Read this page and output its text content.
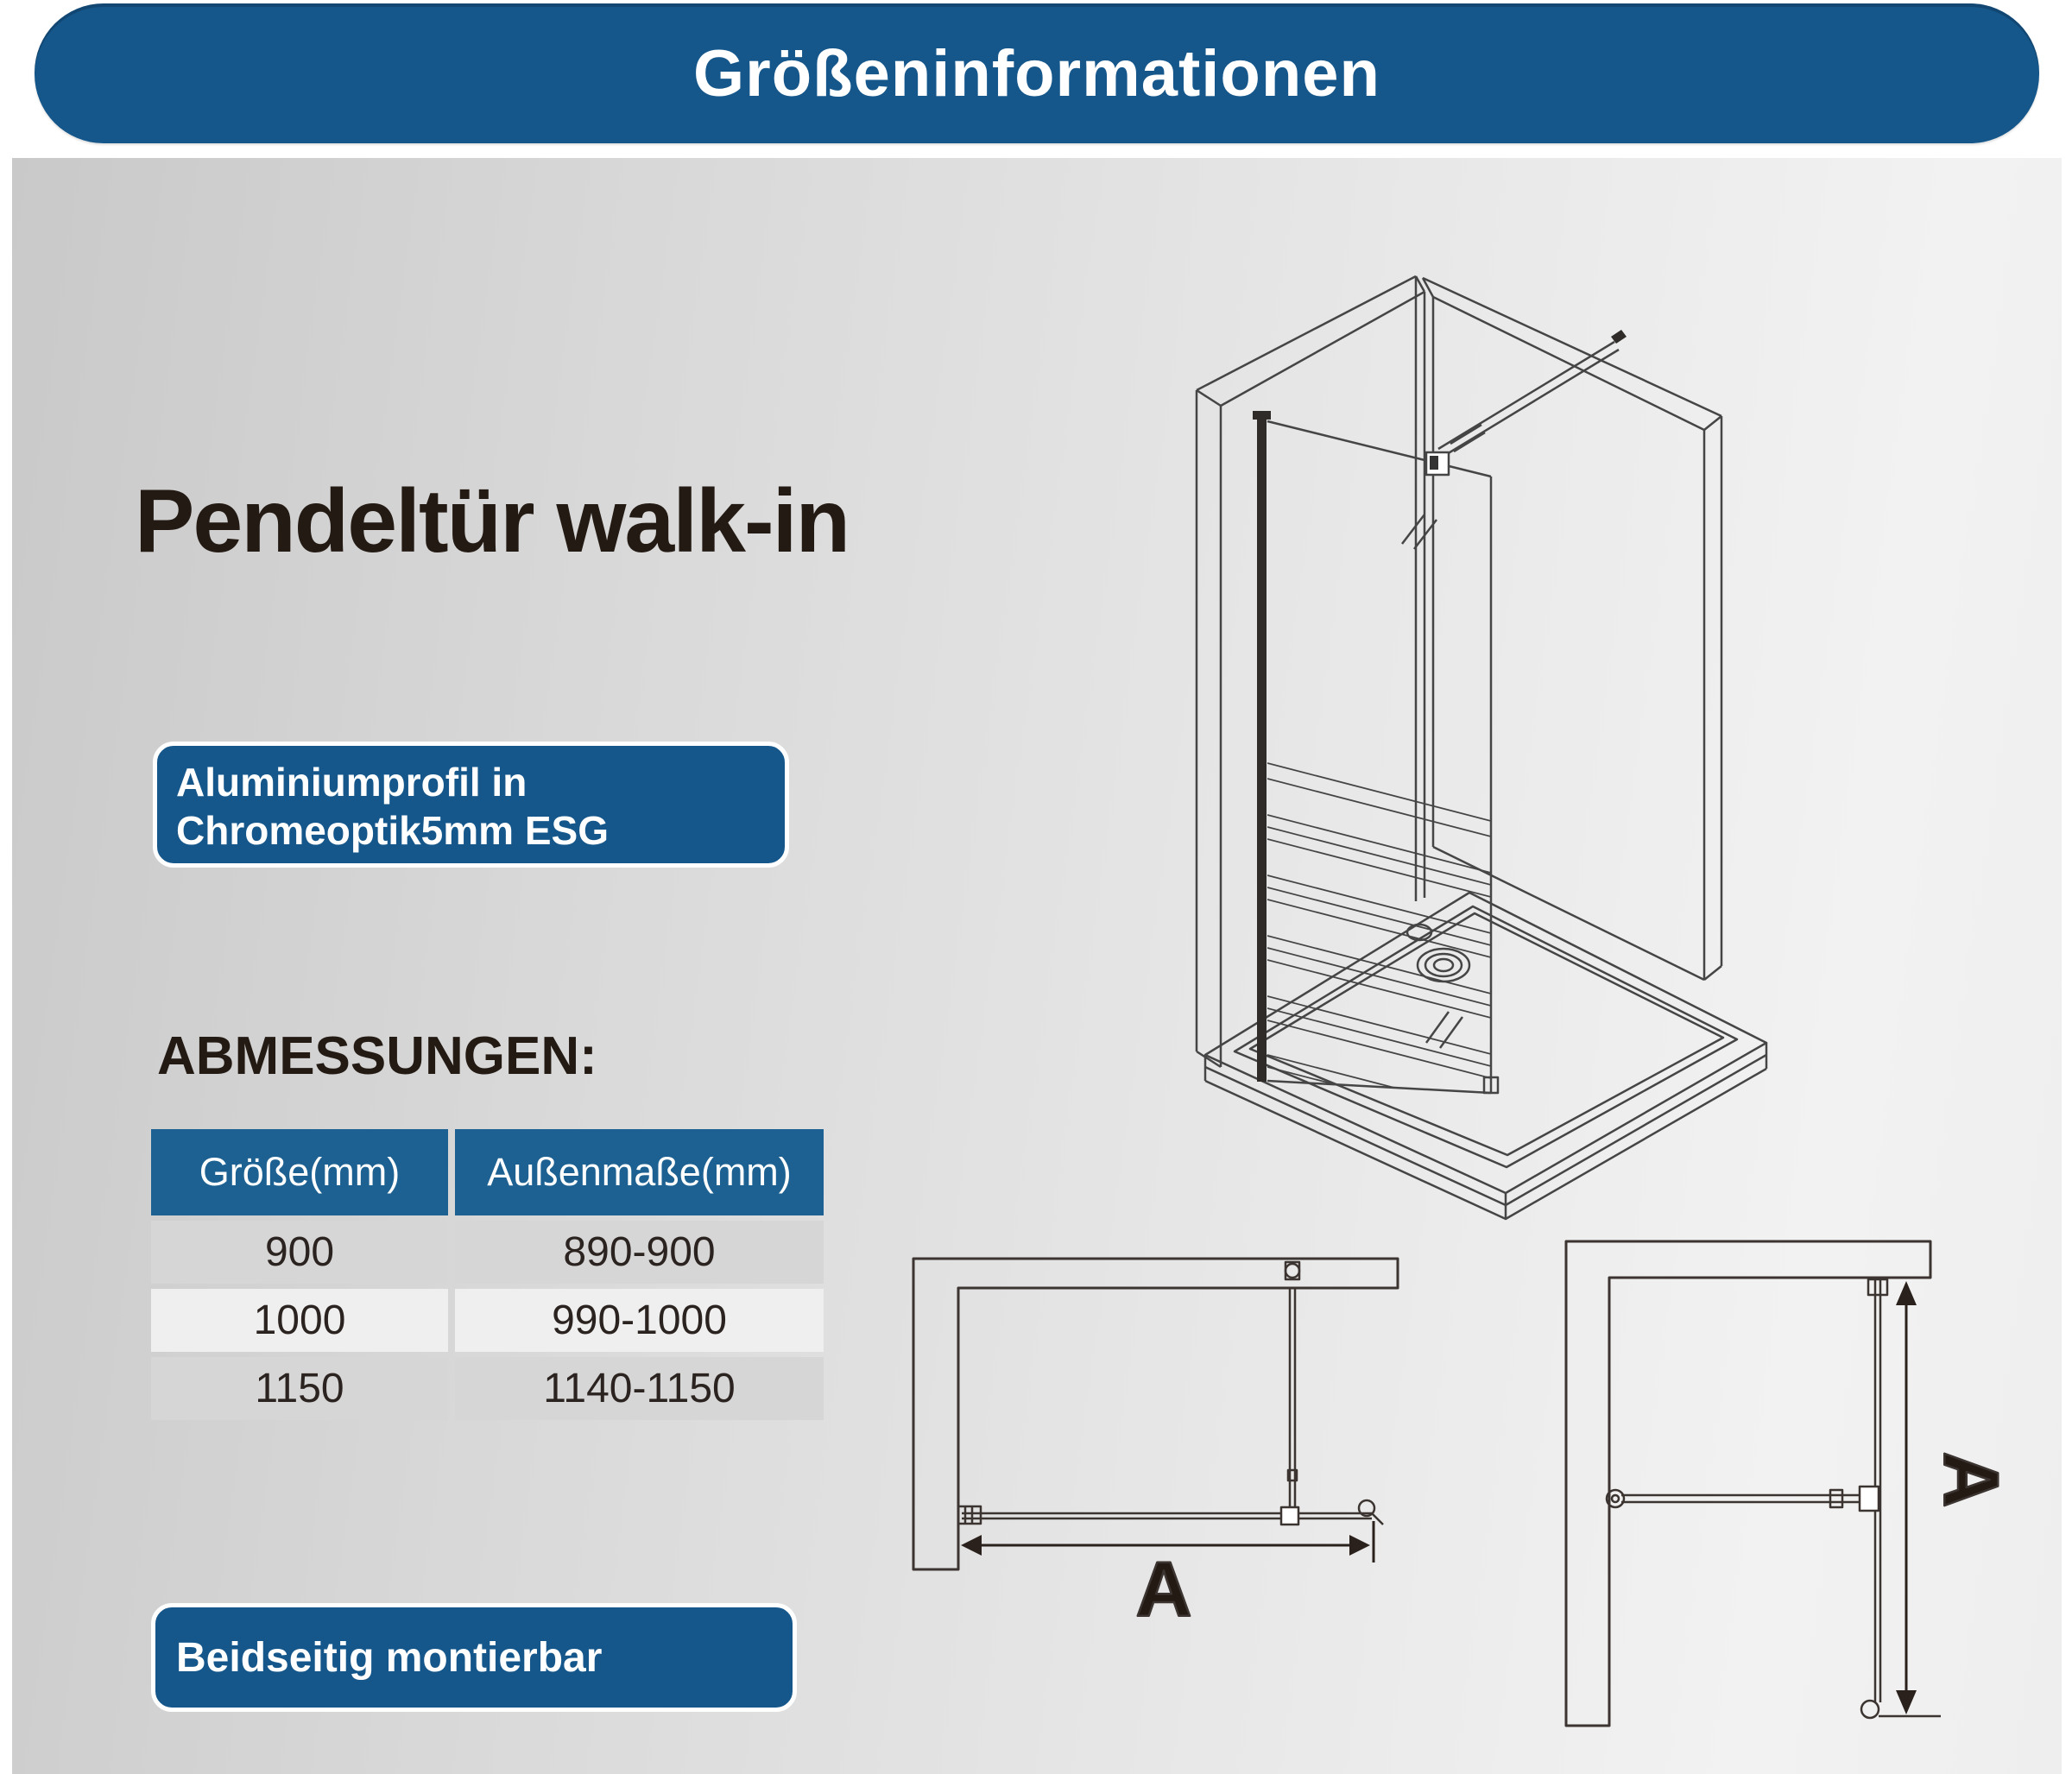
Größeninformationen
Pendeltür walk-in
Aluminiumprofil in
Chromeoptik5mm ESG
ABMESSUNGEN:
Größe(mm)	Außenmaße(mm)
900	890-900
1000	990-1000
1150	1140-1150
Beidseitig montierbar
A
A
